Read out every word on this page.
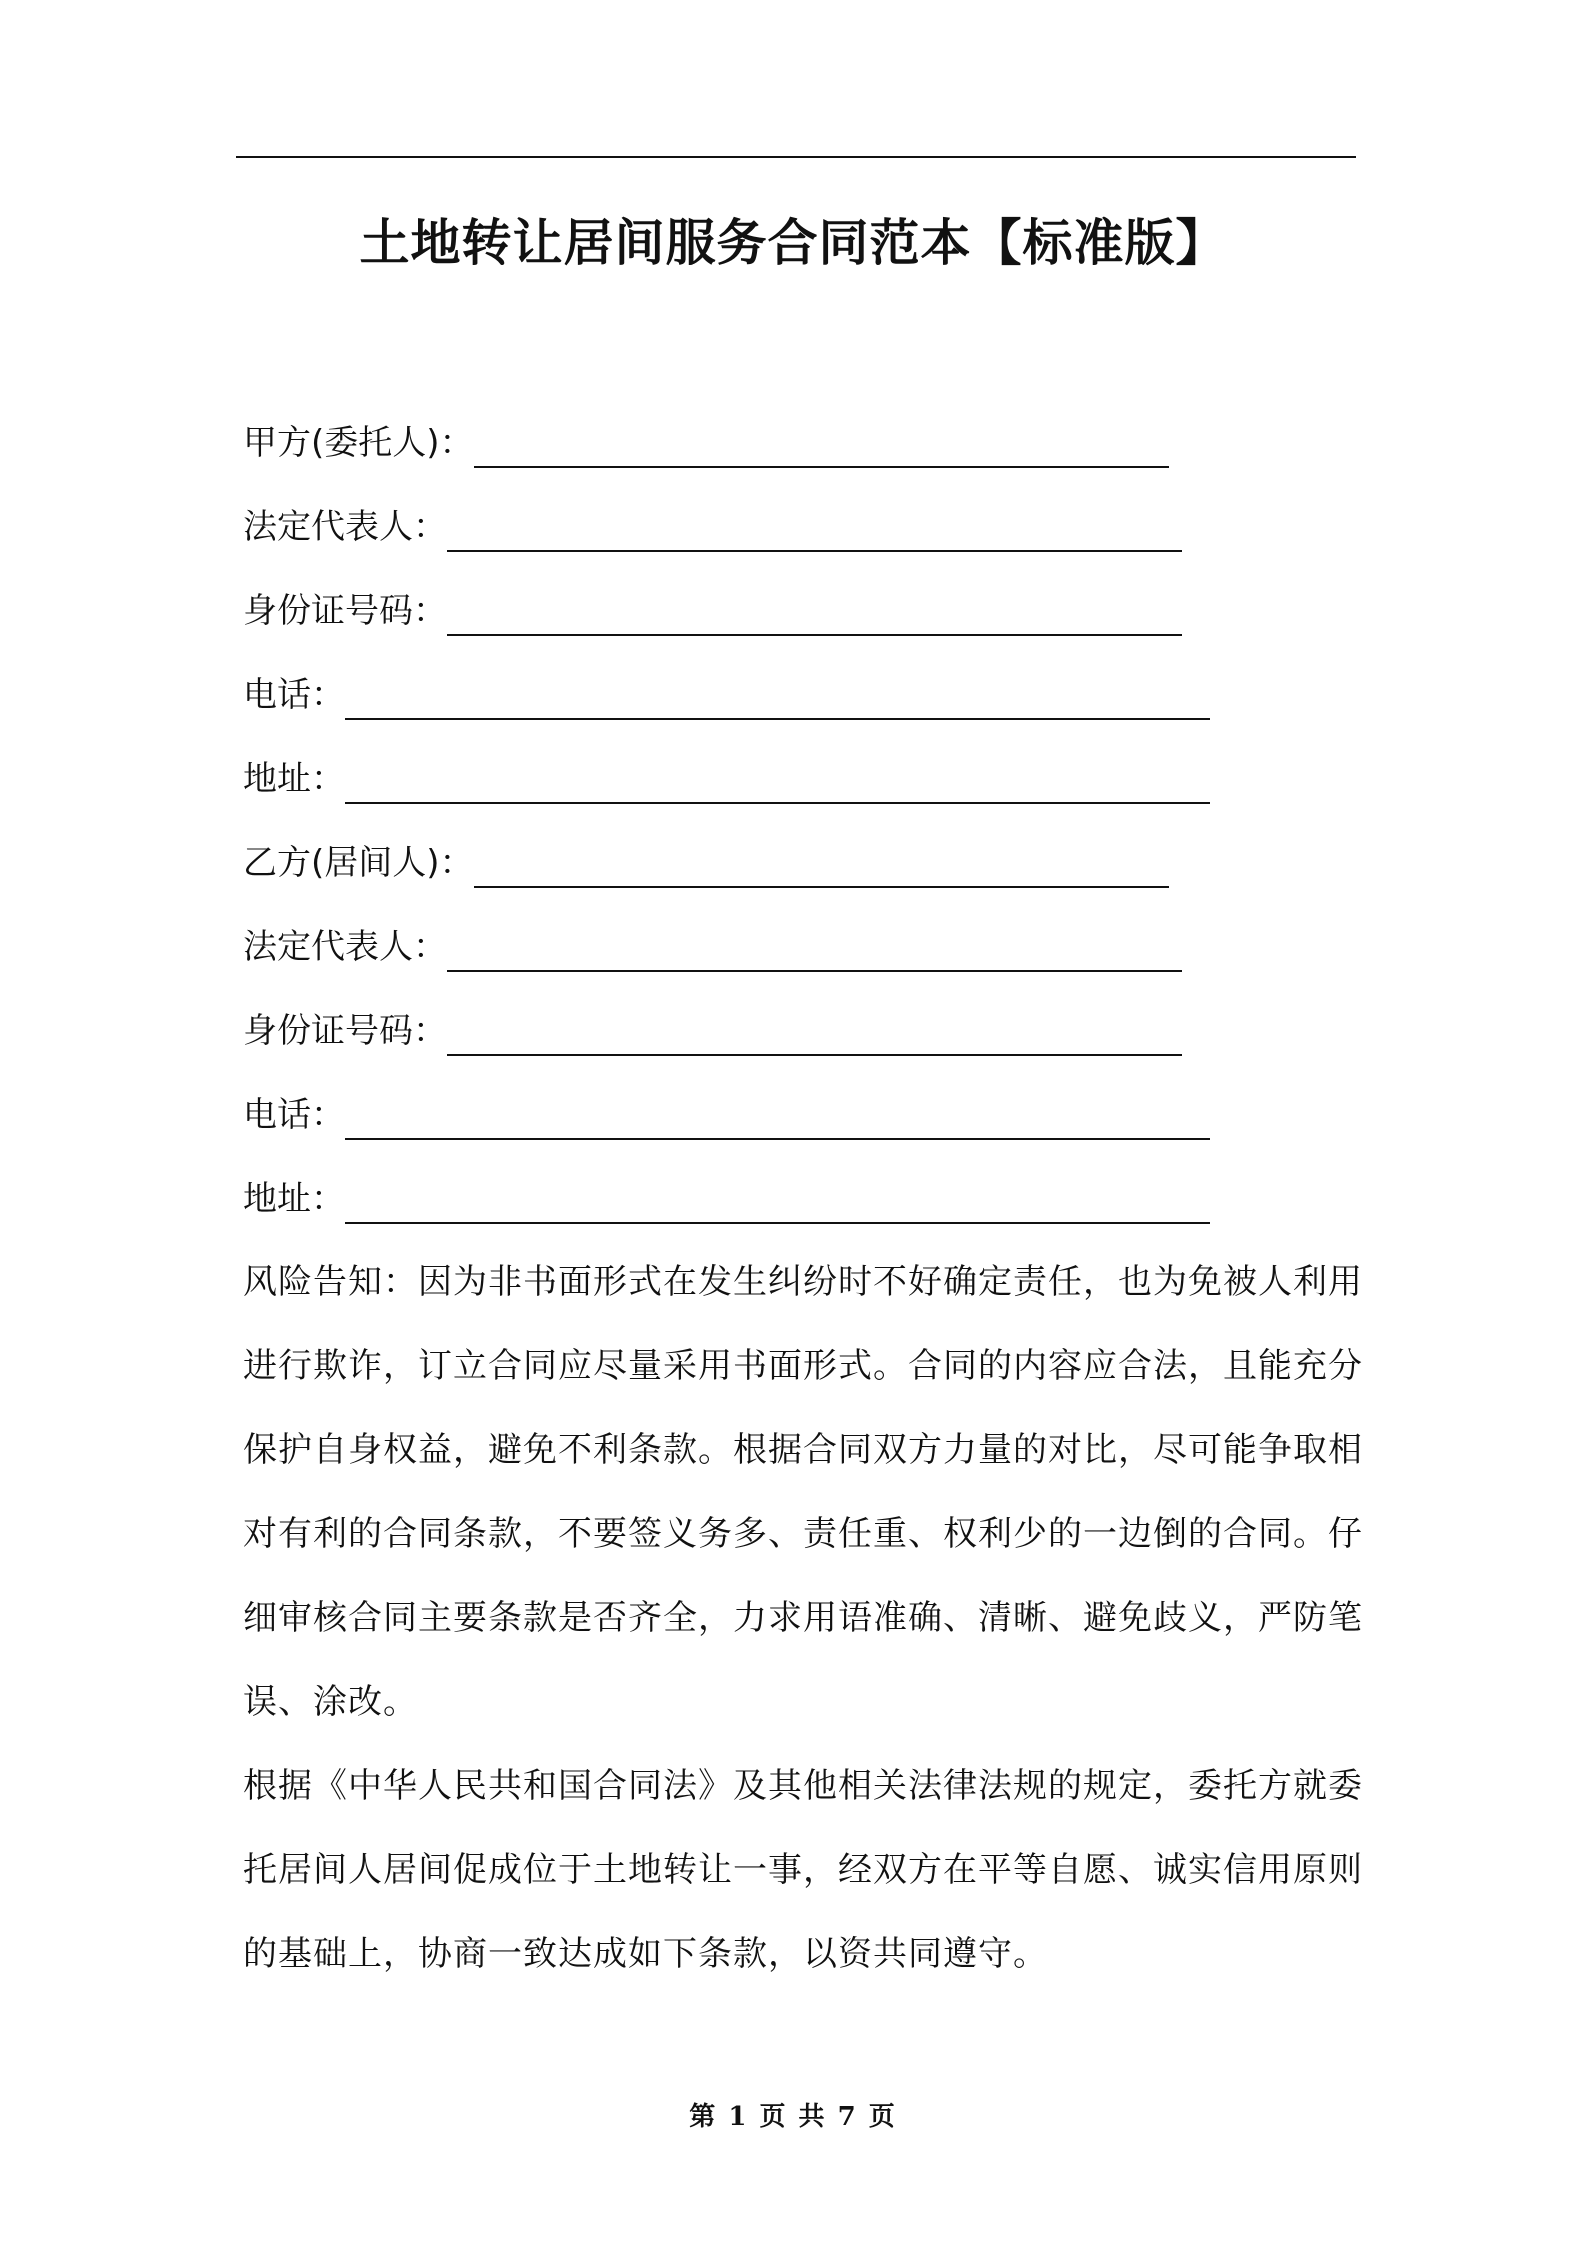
土地转让居间服务合同范本【标准版】
甲方(委托人)：
法定代表人：
身份证号码：
电话：
地址：
乙方(居间人)：
法定代表人：
身份证号码：
电话：
地址：

风险告知：因为非书面形式在发生纠纷时不好确定责任，也为免被人利用进行欺诈，订立合同应尽量采用书面形式。合同的内容应合法，且能充分保护自身权益，避免不利条款。根据合同双方力量的对比，尽可能争取相对有利的合同条款，不要签义务多、责任重、权利少的一边倒的合同。仔细审核合同主要条款是否齐全，力求用语准确、清晰、避免歧义，严防笔误、涂改。

根据《中华人民共和国合同法》及其他相关法律法规的规定，委托方就委托居间人居间促成位于土地转让一事，经双方在平等自愿、诚实信用原则的基础上，协商一致达成如下条款，以资共同遵守。

第 1 页 共 7 页
